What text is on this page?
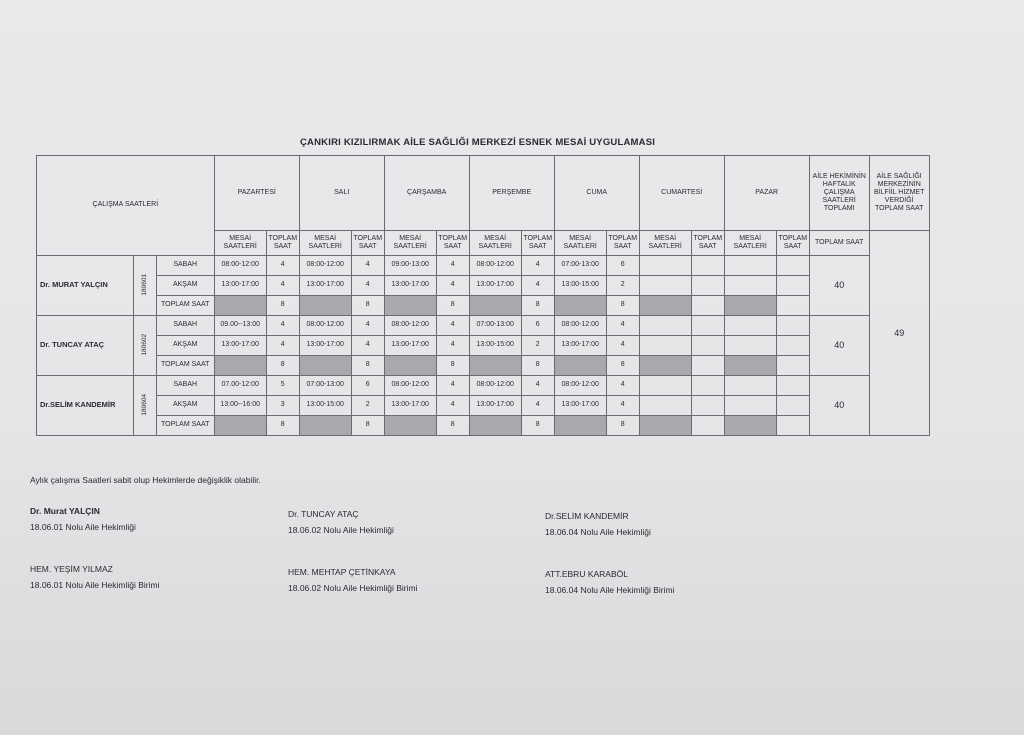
ÇANKIRI KIZILIRMAK AİLE SAĞLIĞI MERKEZİ ESNEK MESAİ UYGULAMASI
ÇALIŞMA SAATLERİ			PAZARTESİ		SALI		ÇARŞAMBA		PERŞEMBE		CUMA		CUMARTESİ		PAZAR		AİLE HEKİMİNİN HAFTALIK ÇALIŞMA SAATLERİ TOPLAMI	AİLE SAĞLIĞI MERKEZİNİN BİLFİİL HİZMET VERDİĞİ TOPLAM SAAT
			MESAİ SAATLERİ	TOPLAM SAAT	MESAİ SAATLERİ	TOPLAM SAAT	MESAİ SAATLERİ	TOPLAM SAAT	MESAİ SAATLERİ	TOPLAM SAAT	MESAİ SAATLERİ	TOPLAM SAAT	MESAİ SAATLERİ	TOPLAM SAAT	MESAİ SAATLERİ	TOPLAM SAAT	TOPLAM SAAT	49
Dr. MURAT YALÇIN	180601	SABAH	08:00-12:00	4	08:00-12:00	4	09:00-13:00	4	08:00-12:00	4	07:00-13:00	6					40	
		AKŞAM	13:00-17:00	4	13:00-17:00	4	13:00-17:00	4	13:00-17:00	4	13:00-15:00	2						
		TOPLAM SAAT		8		8		8		8		8						
Dr. TUNCAY ATAÇ	180602	SABAH	09.00--13:00	4	08:00-12:00	4	08:00-12:00	4	07:00-13:00	6	08:00-12:00	4					40	
		AKŞAM	13:00-17:00	4	13:00-17:00	4	13:00-17:00	4	13:00-15:00	2	13:00-17:00	4						
		TOPLAM SAAT		8		8		8		8		8						
Dr.SELİM KANDEMİR	180604	SABAH	07.00-12:00	5	07:00-13:00	6	08:00-12:00	4	08:00-12:00	4	08:00-12:00	4					40	
		AKŞAM	13:00--16:00	3	13:00-15:00	2	13:00-17:00	4	13:00-17:00	4	13:00-17:00	4						
		TOPLAM SAAT		8		8		8		8		8						
Aylık çalışma Saatleri sabit olup Hekimlerde değişiklik olabilir.
Dr. Murat YALÇIN
18.06.01 Nolu Aile Hekimliği
Dr. TUNCAY ATAÇ
18.06.02 Nolu Aile Hekimliği
Dr.SELİM KANDEMİR
18.06.04 Nolu Aile Hekimliği
HEM. YEŞİM YILMAZ
18.06.01 Nolu Aile Hekimliği Birimi
HEM. MEHTAP ÇETİNKAYA
18.06.02 Nolu Aile Hekimliği Birimi
ATT.EBRU KARABÖL
18.06.04 Nolu Aile Hekimliği Birimi
